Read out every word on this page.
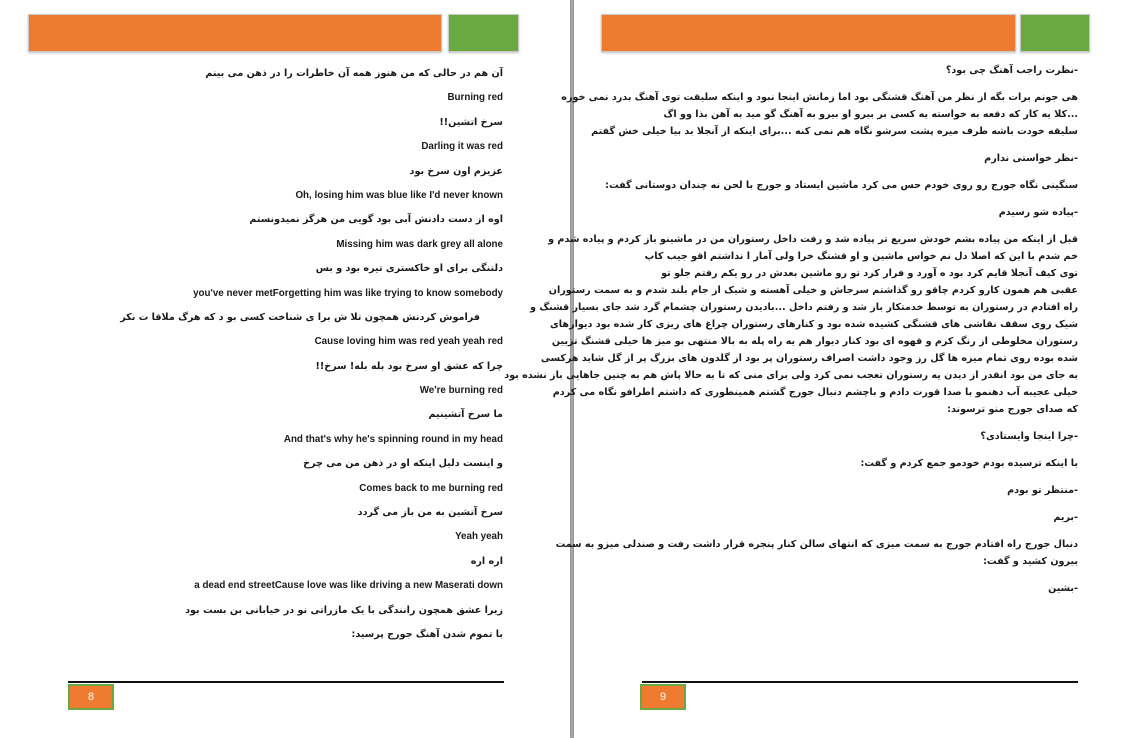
آن هم در حالی که من هنوز همه آن خاطرات را در ذهن می بینم
Burning red
سرخ اتشین!!
Darling it was red
عزیزم اون سرخ بود
Oh, losing him was blue like I'd never known
اوه از دست دادنش آبی بود گویی من هرگز نمیدونستم
Missing him was dark grey all alone
دلتنگی برای او خاکستری تیره بود و بس
you've never metForgetting him was like trying to know somebody
فراموش کردنش همچون تلا ش برا ی شناخت کسی بو د که هرگ ملاقا ت نکر
Cause loving him was red yeah yeah red
چرا که عشق او سرخ بود بله بله! سرخ!!
We're burning red
ما سرخ آتشینیم
And that's why he's spinning round in my head
و اینست دلیل اینکه او در ذهن من می چرخ
Comes back to me burning red
سرخ آتشین به من باز می گردد
Yeah yeah
اره اره
a dead end streetCause love was like driving a new Maserati down
زیرا عشق همچون رانندگی با یک مازراتی نو در خیابانی بن بست بود
با تموم شدن آهنگ جورج پرسید:
8
-نظرت راجب آهنگ چی بود؟
هی جونم برات بگه از نظر من آهنگ قشنگی بود اما زمانش اینجا نبود و اینکه سلیقت توی آهنگ بدرد نمی خوره
...کلا یه کار که دفعه به خواسته یه کسی بر بیرو او بیرو به آهنگ گو مید به آهن بذا وو اگ
سلیقه خودت باشه طرف میره پشت سرشو نگاه هم نمی کنه ...برای اینکه از آنجلا بد بیا خیلی خش گفتم
-نظر خواستی ندارم
سنگینی نگاه جورج رو روی خودم حس می کرد ماشین ایستاد و جورج با لحن نه چندان دوستانی گفت:
-پیاده شو رسیدم
قبل از اینکه من پیاده بشم خودش سریع تر پیاده شد و رفت داخل رستوران من در ماشینو باز کردم و پیاده شدم و
خم شدم با این که اصلا دل نم خواس ماشین و او قشنگ خرا ولی آمار ا نداشتم اقو جیب کاپ
توی کیف آنجلا قایم کرد بود ه آورد و فرار کرد تو رو ماشین بعدش در رو یکم رفتم جلو تو
عقبی هم همون کارو کردم چاقو رو گذاشتم سرجاش و خیلی آهسته و شیک از جام بلند شدم و به سمت رستوران
راه افتادم در رستوران به توسط خدمتکار باز شد و رفتم داخل ...بادیدن رستوران چشمام گرد شد جای بسیار قشنگ و
شیک روی سقف نقاشی های قشنگی کشیده شده بود و کنارهای رستوران چراغ های ریزی کار شده بود دیوارهای
رستوران مخلوطی از رنگ کرم و قهوه ای بود کنار دیوار هم یه راه پله به بالا منتهی بو میز ها خیلی قشنگ تزیین
شده بوده روی تمام میزه ها گل رز وجود داشت اصراف رستوران پر بود از گلدون های بزرگ پر از گل شاید هرکسی
به جای من بود انقدر از دیدن یه رستوران تعجب نمی کرد ولی برای منی که تا به حالا پاش هم به چنین جاهایی باز نشده بود
خیلی عجیبه آب دهنمو با صدا قورت دادم و باچشم دنبال جورج گشتم همینطوری که داشتم اطرافو نگاه می کردم
که صدای جورج منو ترسوند:
-چرا اینجا وایستادی؟
با اینکه ترسیده بودم خودمو جمع کردم و گفت:
-منتظر تو بودم
-بریم
دنبال جورج راه افتادم جورج به سمت میزی که انتهای سالن کنار پنجره قرار داشت رفت و صندلی میزو به سمت
بیرون کشید و گفت:
-بشین
9
